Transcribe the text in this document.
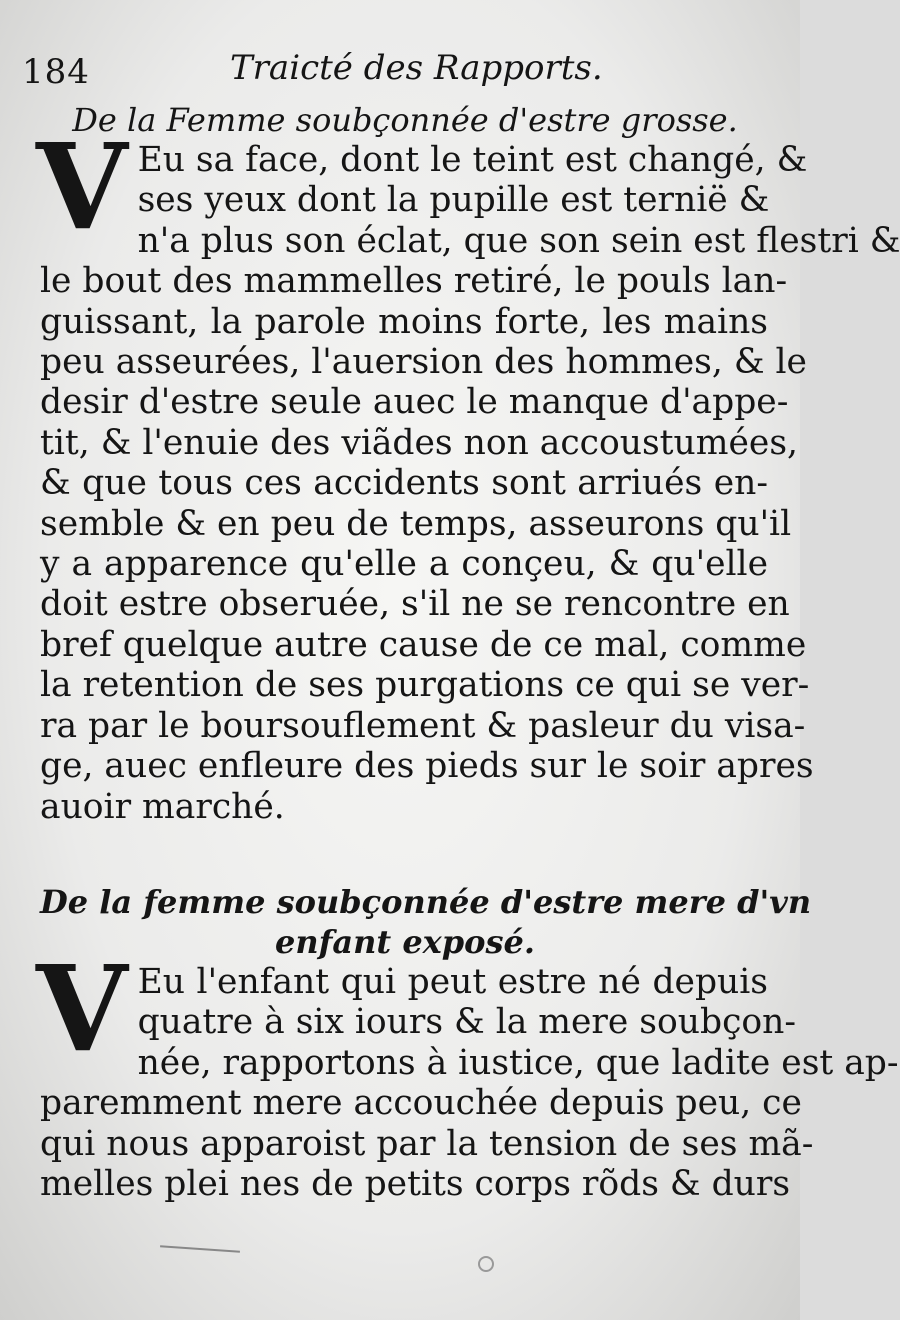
184	Traicté des Rapports.
De la Femme soubçonnée d'estre grosse.
V Eu sa face, dont le teint est changé, &
ses yeux dont la pupille est ternië &
n'a plus son éclat, que son sein est flestri &
le bout des mammelles retiré, le pouls lan-
guissant, la parole moins forte, les mains
peu asseurées, l'auersion des hommes, & le
desir d'estre seule auec le manque d'appe-
tit, & l'enuie des viãdes non accoustumées,
& que tous ces accidents sont arriués en-
semble & en peu de temps, asseurons qu'il
y a apparence qu'elle a conçeu, & qu'elle
doit estre obseruée, s'il ne se rencontre en
bref quelque autre cause de ce mal, comme
la retention de ses purgations ce qui se ver-
ra par le boursouflement & pasleur du visa-
ge, auec enfleure des pieds sur le soir apres
auoir marché.
De la femme soubçonnée d'estre mere d'vn
enfant exposé.
V Eu l'enfant qui peut estre né depuis
quatre à six iours & la mere soubçon-
née, rapportons à iustice, que ladite est ap-
paremment mere accouchée depuis peu, ce
qui nous apparoist par la tension de ses mã-
melles plei nes de petits corps rõds & durs
